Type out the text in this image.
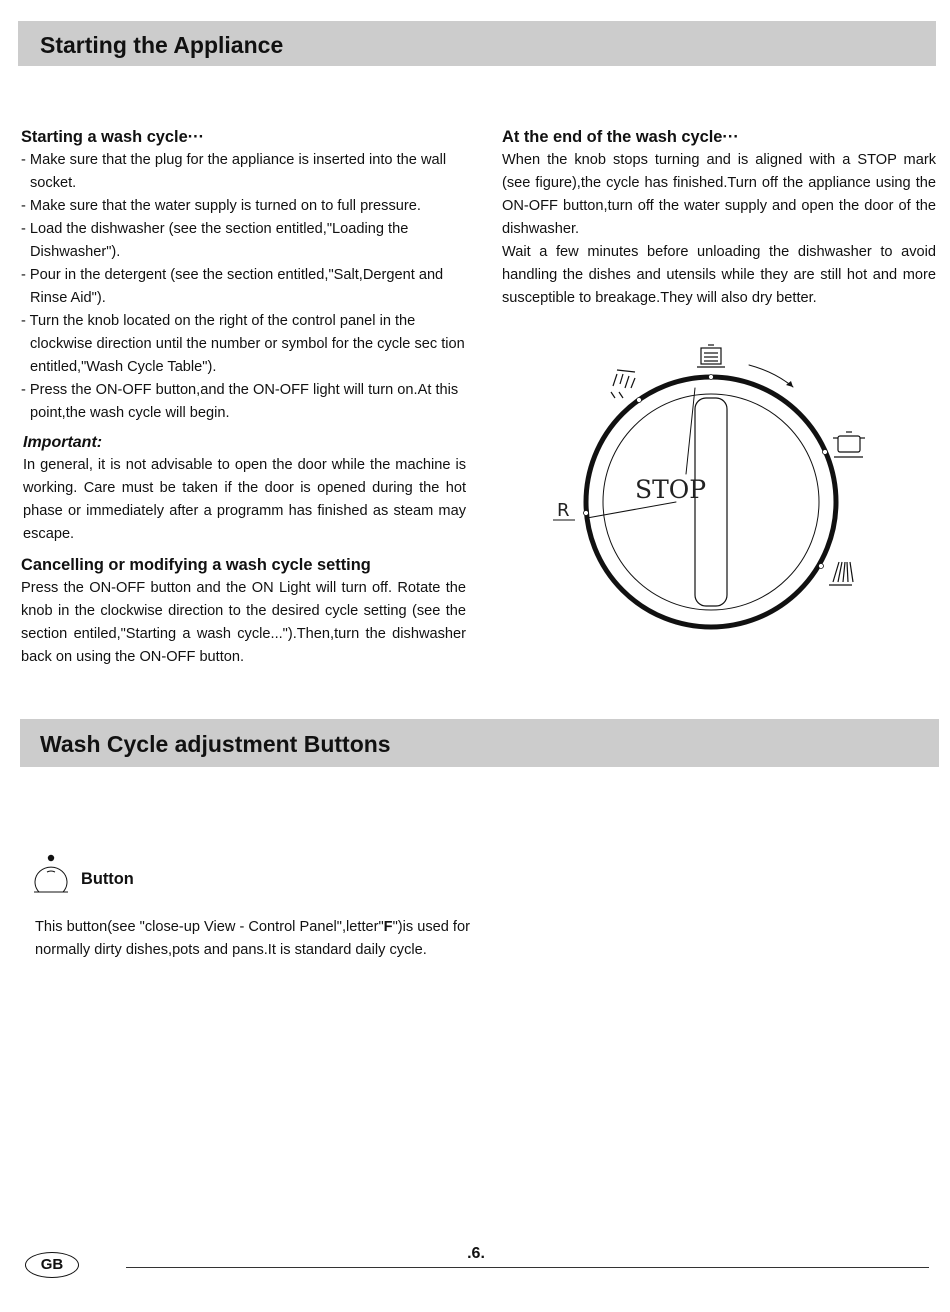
Starting the Appliance
Starting a wash cycle···
- Make sure that the plug for the appliance is inserted into the wall socket.
- Make sure that the water supply is turned on to full pressure.
- Load the dishwasher (see the section entitled,"Loading the Dishwasher").
- Pour in the detergent (see the section entitled,"Salt,Dergent and Rinse Aid").
- Turn the knob located on the right of the control panel in the clockwise direction until the number or symbol for the cycle sec tion entitled,"Wash Cycle Table").
- Press the ON-OFF button,and the ON-OFF light will turn on.At this point,the wash cycle will begin.
Important:

In general, it is not advisable to open the door while the machine is working. Care must be taken if the door is opened during the hot phase or immediately after a programm has finished as steam may escape.

Cancelling or modifying a wash cycle setting

Press the ON-OFF button and the ON Light will turn off. Rotate the knob in the clockwise direction to the desired cycle setting (see the section entiled,"Starting a wash cycle...").Then,turn the dishwasher back on using the ON-OFF button.

At the end of the wash cycle···

When the knob stops turning and is aligned with a STOP mark (see figure),the cycle has finished.Turn off the appliance using the ON-OFF button,turn off the water supply and open the door of the dishwasher.

Wait a few minutes before unloading the dishwasher to avoid handling the dishes and utensils while they are still hot and more susceptible to breakage.They will also dry better.

STOP
R
Wash Cycle adjustment Buttons
Button

This button(see "close-up View - Control Panel",letter"F")is used for normally dirty dishes,pots and pans.It is standard daily cycle.

.6.
GB
